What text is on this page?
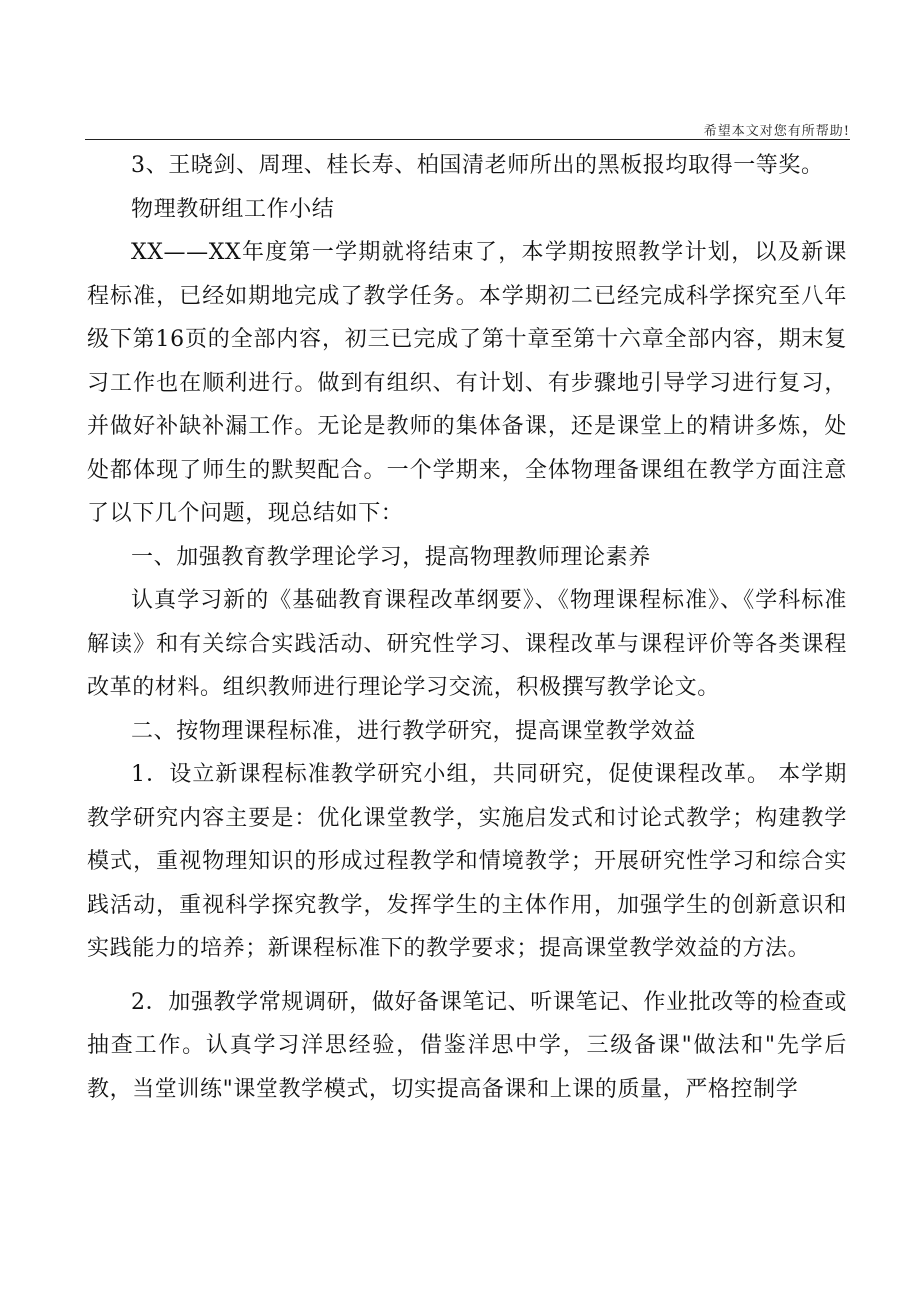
希望本文对您有所帮助!

3、王晓剑、周理、桂长寿、柏国清老师所出的黑板报均取得一等奖。

物理教研组工作小结

XX——XX年度第一学期就将结束了，本学期按照教学计划，以及新课程标准，已经如期地完成了教学任务。本学期初二已经完成科学探究至八年级下第16页的全部内容，初三已完成了第十章至第十六章全部内容，期末复习工作也在顺利进行。做到有组织、有计划、有步骤地引导学习进行复习，并做好补缺补漏工作。无论是教师的集体备课，还是课堂上的精讲多炼，处处都体现了师生的默契配合。一个学期来，全体物理备课组在教学方面注意了以下几个问题，现总结如下：

一、加强教育教学理论学习，提高物理教师理论素养

认真学习新的《基础教育课程改革纲要》、《物理课程标准》、《学科标准解读》和有关综合实践活动、研究性学习、课程改革与课程评价等各类课程改革的材料。组织教师进行理论学习交流，积极撰写教学论文。

二、按物理课程标准，进行教学研究，提高课堂教学效益

1．设立新课程标准教学研究小组，共同研究，促使课程改革。 本学期教学研究内容主要是：优化课堂教学，实施启发式和讨论式教学；构建教学模式，重视物理知识的形成过程教学和情境教学；开展研究性学习和综合实践活动，重视科学探究教学，发挥学生的主体作用，加强学生的创新意识和实践能力的培养；新课程标准下的教学要求；提高课堂教学效益的方法。

2．加强教学常规调研，做好备课笔记、听课笔记、作业批改等的检查或抽查工作。认真学习洋思经验，借鉴洋思中学，三级备课"做法和"先学后教，当堂训练"课堂教学模式，切实提高备课和上课的质量，严格控制学
